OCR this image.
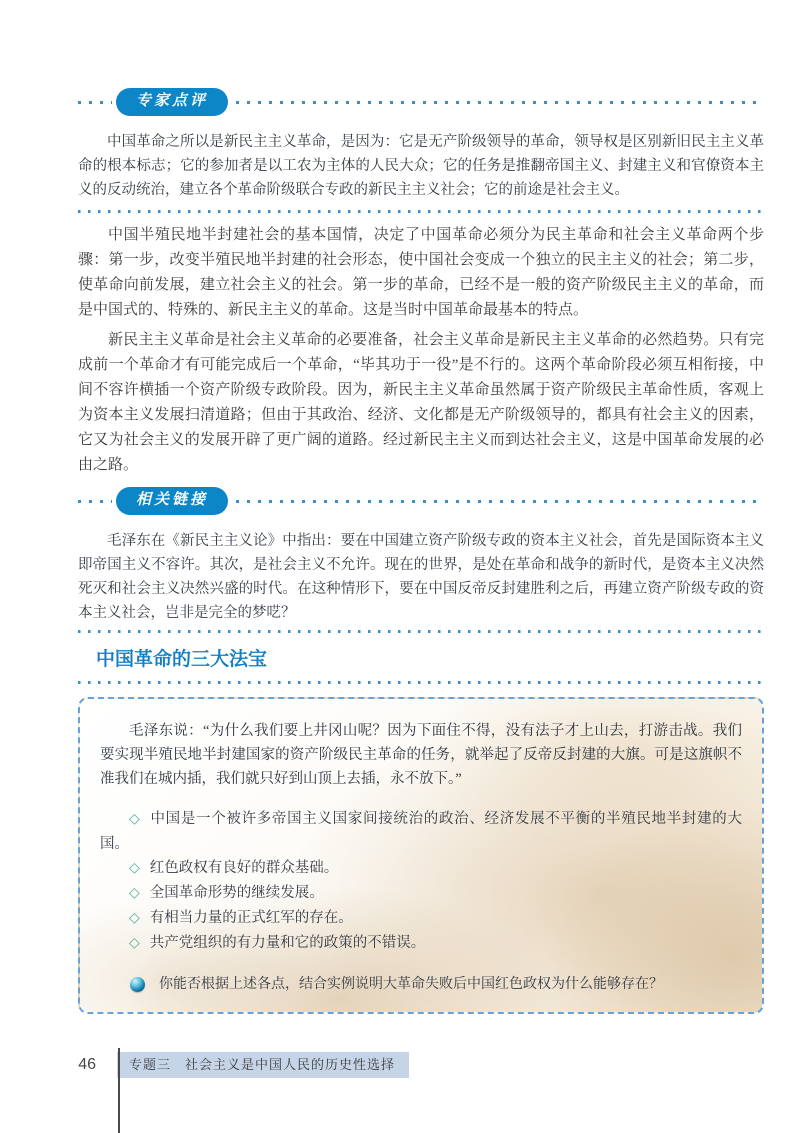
专家点评

中国革命之所以是新民主主义革命，是因为：它是无产阶级领导的革命，领导权是区别新旧民主主义革命的根本标志；它的参加者是以工农为主体的人民大众；它的任务是推翻帝国主义、封建主义和官僚资本主义的反动统治，建立各个革命阶级联合专政的新民主主义社会；它的前途是社会主义。

中国半殖民地半封建社会的基本国情，决定了中国革命必须分为民主革命和社会主义革命两个步骤：第一步，改变半殖民地半封建的社会形态，使中国社会变成一个独立的民主主义的社会；第二步，使革命向前发展，建立社会主义的社会。第一步的革命，已经不是一般的资产阶级民主主义的革命，而是中国式的、特殊的、新民主主义的革命。这是当时中国革命最基本的特点。

新民主主义革命是社会主义革命的必要准备，社会主义革命是新民主主义革命的必然趋势。只有完成前一个革命才有可能完成后一个革命，“毕其功于一役”是不行的。这两个革命阶段必须互相衔接，中间不容许横插一个资产阶级专政阶段。因为，新民主主义革命虽然属于资产阶级民主革命性质，客观上为资本主义发展扫清道路；但由于其政治、经济、文化都是无产阶级领导的，都具有社会主义的因素，它又为社会主义的发展开辟了更广阔的道路。经过新民主主义而到达社会主义，这是中国革命发展的必由之路。

相关链接

毛泽东在《新民主主义论》中指出：要在中国建立资产阶级专政的资本主义社会，首先是国际资本主义即帝国主义不容许。其次，是社会主义不允许。现在的世界，是处在革命和战争的新时代，是资本主义决然死灭和社会主义决然兴盛的时代。在这种情形下，要在中国反帝反封建胜利之后，再建立资产阶级专政的资本主义社会，岂非是完全的梦呓？

中国革命的三大法宝

毛泽东说：“为什么我们要上井冈山呢？因为下面住不得，没有法子才上山去，打游击战。我们要实现半殖民地半封建国家的资产阶级民主革命的任务，就举起了反帝反封建的大旗。可是这旗帜不准我们在城内插，我们就只好到山顶上去插，永不放下。”

◇ 中国是一个被许多帝国主义国家间接统治的政治、经济发展不平衡的半殖民地半封建的大国。

◇ 红色政权有良好的群众基础。

◇ 全国革命形势的继续发展。

◇ 有相当力量的正式红军的存在。

◇ 共产党组织的有力量和它的政策的不错误。

你能否根据上述各点，结合实例说明大革命失败后中国红色政权为什么能够存在？
46	专题三　社会主义是中国人民的历史性选择
